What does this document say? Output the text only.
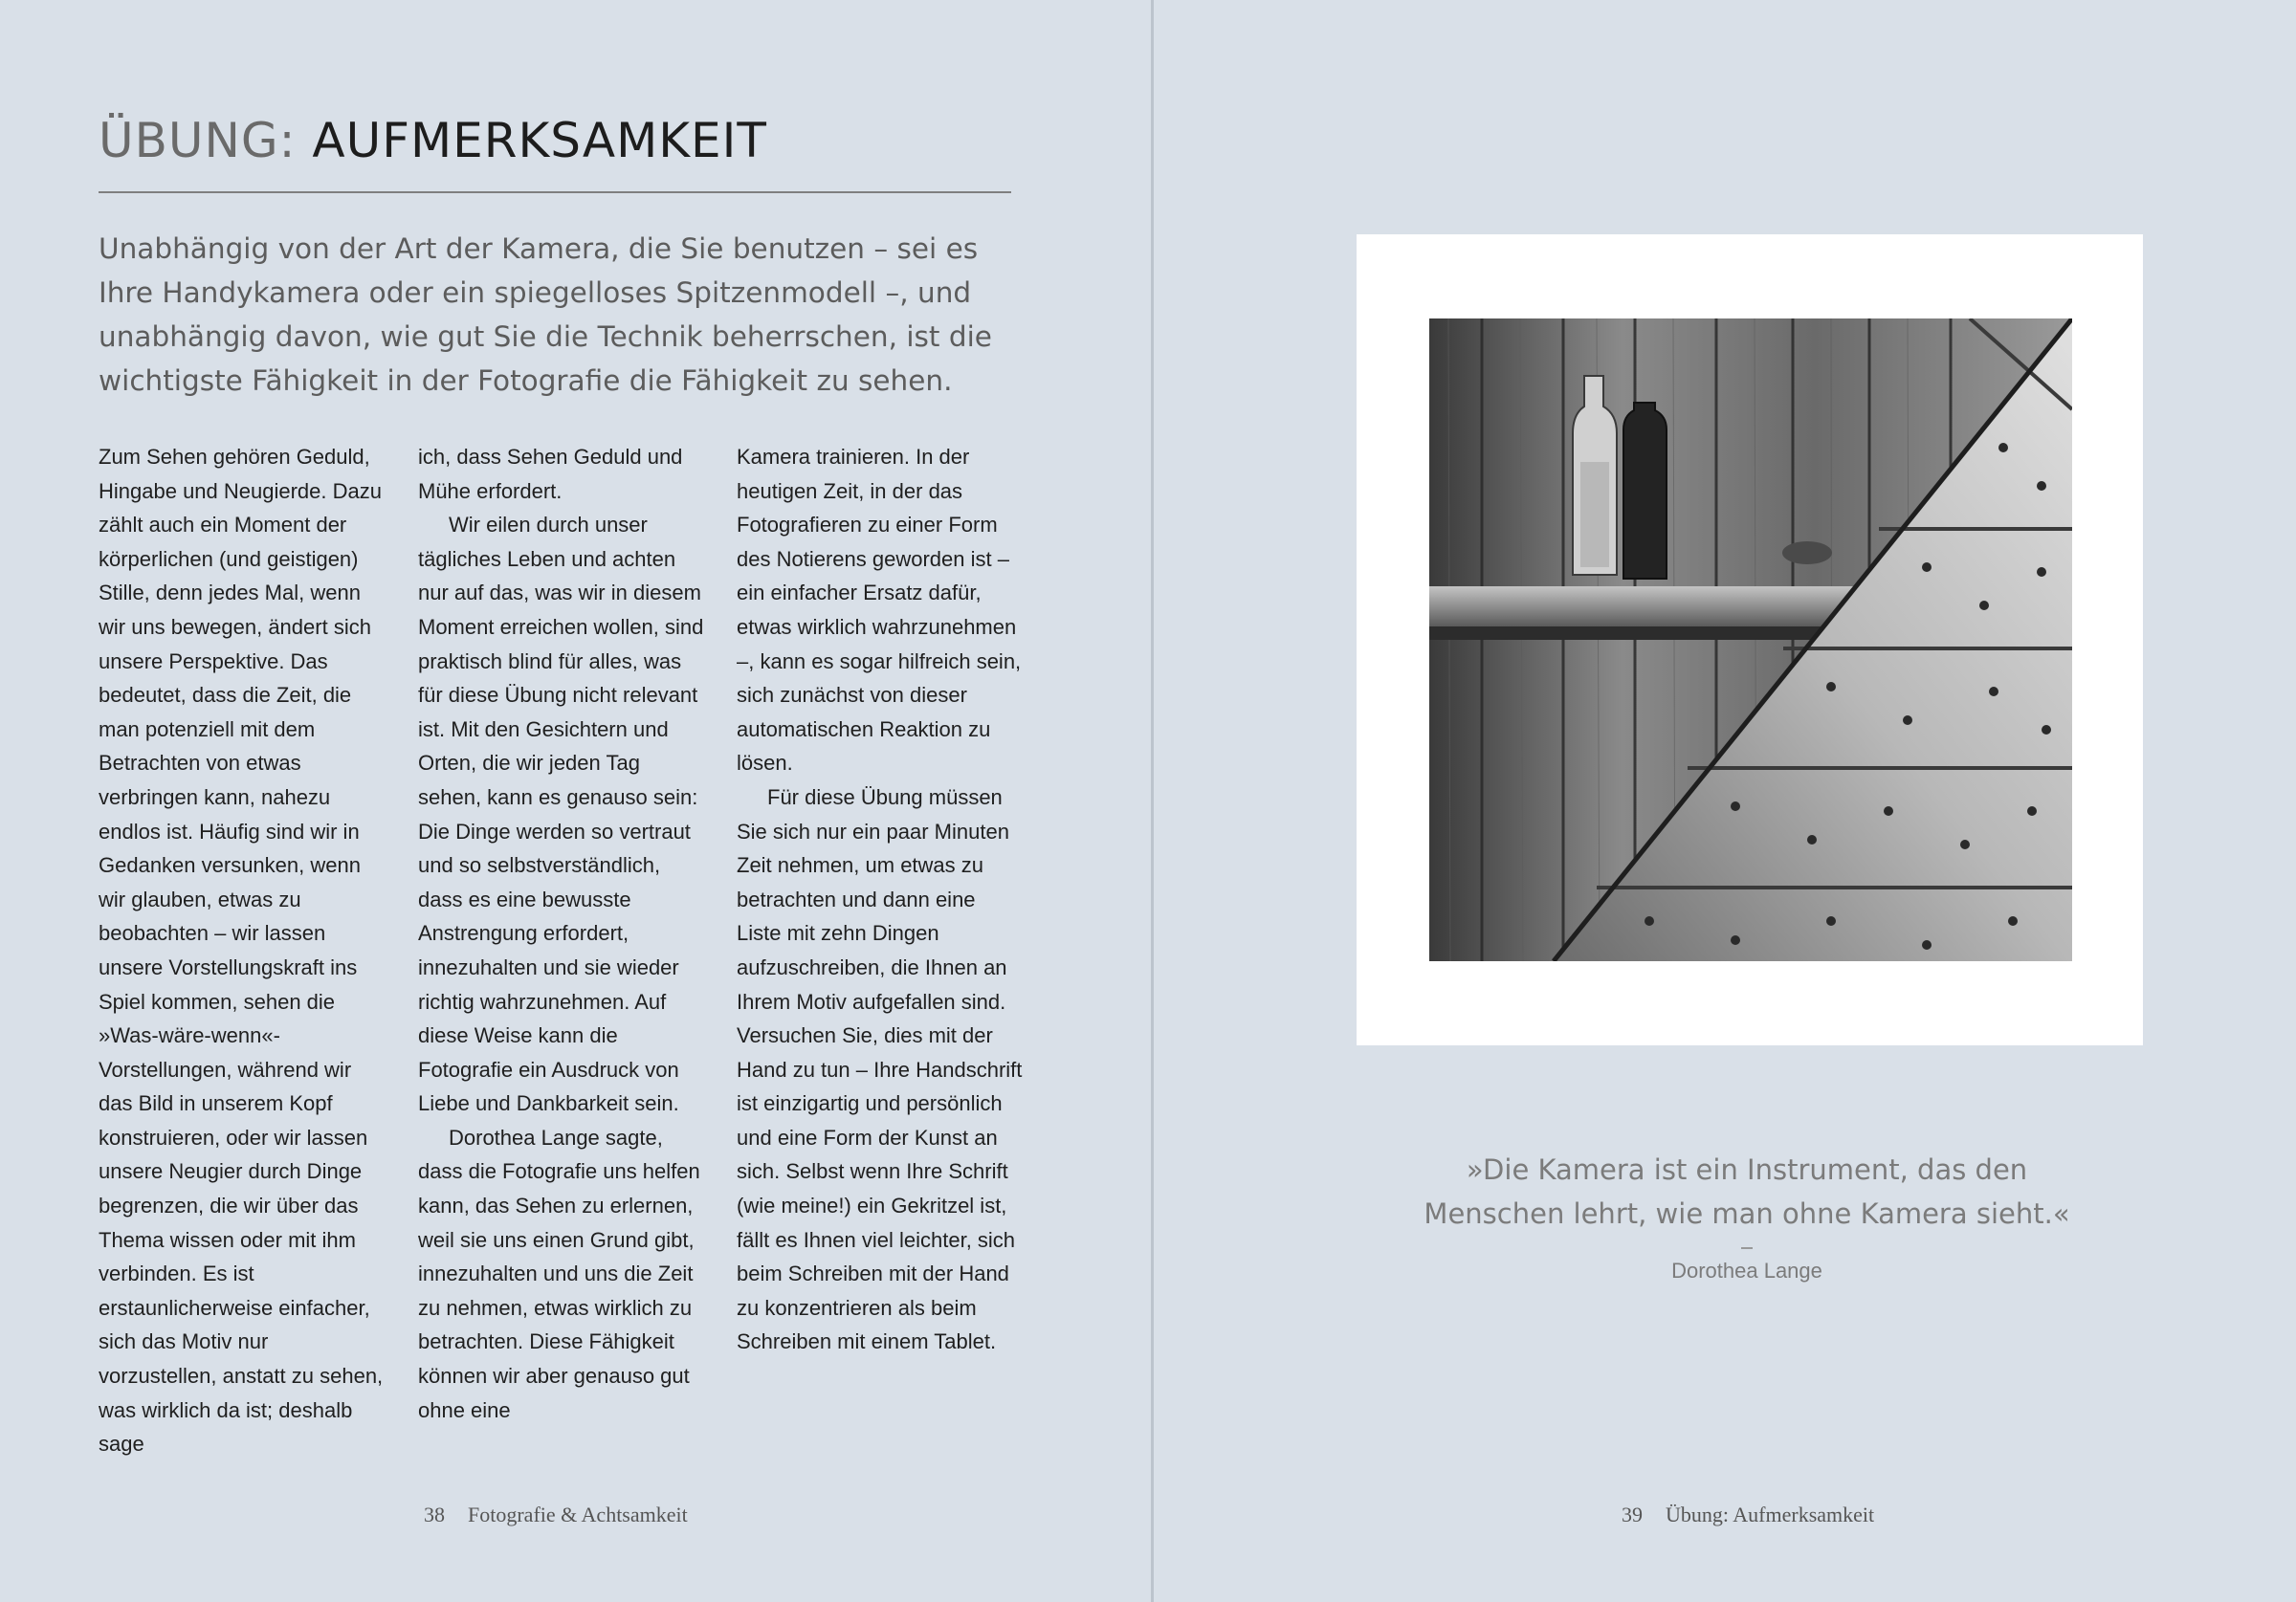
ÜBUNG: AUFMERKSAMKEIT

Unabhängig von der Art der Kamera, die Sie benutzen – sei es Ihre Handykamera oder ein spiegelloses Spitzenmodell –, und unabhängig davon, wie gut Sie die Technik beherrschen, ist die wichtigste Fähigkeit in der Fotografie die Fähigkeit zu sehen.

Zum Sehen gehören Geduld, Hingabe und Neugierde. Dazu zählt auch ein Moment der körperlichen (und geistigen) Stille, denn jedes Mal, wenn wir uns bewegen, ändert sich unsere Perspektive. Das bedeutet, dass die Zeit, die man potenziell mit dem Betrachten von etwas verbringen kann, nahezu endlos ist. Häufig sind wir in Gedanken versunken, wenn wir glauben, etwas zu beobachten – wir lassen unsere Vorstellungskraft ins Spiel kommen, sehen die »Was-wäre-wenn«-Vorstellungen, während wir das Bild in unserem Kopf konstruieren, oder wir lassen unsere Neugier durch Dinge begrenzen, die wir über das Thema wissen oder mit ihm verbinden. Es ist erstaunlicherweise einfacher, sich das Motiv nur vorzustellen, anstatt zu sehen, was wirklich da ist; deshalb sage

ich, dass Sehen Geduld und Mühe erfordert.

Wir eilen durch unser tägliches Leben und achten nur auf das, was wir in diesem Moment erreichen wollen, sind praktisch blind für alles, was für diese Übung nicht relevant ist. Mit den Gesichtern und Orten, die wir jeden Tag sehen, kann es genauso sein: Die Dinge werden so vertraut und so selbstverständlich, dass es eine bewusste Anstrengung erfordert, innezuhalten und sie wieder richtig wahrzunehmen. Auf diese Weise kann die Fotografie ein Ausdruck von Liebe und Dankbarkeit sein.

Dorothea Lange sagte, dass die Fotografie uns helfen kann, das Sehen zu erlernen, weil sie uns einen Grund gibt, innezuhalten und uns die Zeit zu nehmen, etwas wirklich zu betrachten. Diese Fähigkeit können wir aber genauso gut ohne eine

Kamera trainieren. In der heutigen Zeit, in der das Fotografieren zu einer Form des Notierens geworden ist – ein einfacher Ersatz dafür, etwas wirklich wahrzunehmen –, kann es sogar hilfreich sein, sich zunächst von dieser automatischen Reaktion zu lösen.

Für diese Übung müssen Sie sich nur ein paar Minuten Zeit nehmen, um etwas zu betrachten und dann eine Liste mit zehn Dingen aufzuschreiben, die Ihnen an Ihrem Motiv aufgefallen sind. Versuchen Sie, dies mit der Hand zu tun – Ihre Handschrift ist einzigartig und persönlich und eine Form der Kunst an sich. Selbst wenn Ihre Schrift (wie meine!) ein Gekritzel ist, fällt es Ihnen viel leichter, sich beim Schreiben mit der Hand zu konzentrieren als beim Schreiben mit einem Tablet.

38 Fotografie & Achtsamkeit

»Die Kamera ist ein Instrument, das den Menschen lehrt, wie man ohne Kamera sieht.«

Dorothea Lange
39 Übung: Aufmerksamkeit
